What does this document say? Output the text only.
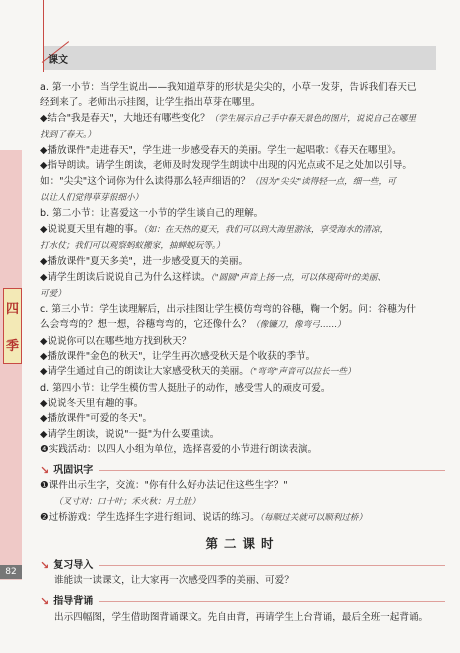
课文
四
季
82

a. 第一小节：当学生说出——我知道草芽的形状是尖尖的，小草一发芽，告诉我们春天已

经到来了。老师出示挂图，让学生指出草芽在哪里。

◆结合"我是春天"，大地还有哪些变化？（学生展示自己手中春天景色的图片，说说自己在哪里

找到了春天。）

◆播放课件"走进春天"，学生进一步感受春天的美丽。学生一起唱歌：《春天在哪里》。

◆指导朗读。请学生朗读，老师及时发现学生朗读中出现的闪光点或不足之处加以引导。

如："尖尖"这个词你为什么读得那么轻声细语的？（因为"尖尖"读得轻一点，细一些，可

以让人们觉得草芽很细小）

b. 第二小节：让喜爱这一小节的学生谈自己的理解。

◆说说夏天里有趣的事。（如：在天热的夏天，我们可以到大海里游泳，享受海水的清凉，

打水仗；我们可以观察蚂蚁搬家，抽蝉蜕玩等。）

◆播放课件"夏天多美"，进一步感受夏天的美丽。

◆请学生朗读后说说自己为什么这样读。（"圆圆"声音上扬一点，可以体现荷叶的美丽、

可爱）

c. 第三小节：学生读理解后，出示挂图让学生模仿弯弯的谷穗，鞠一个躬。问：谷穗为什

么会弯弯的？想一想，谷穗弯弯的，它还像什么？（像镰刀，像弯弓……）

◆说说你可以在哪些地方找到秋天？

◆播放课件"金色的秋天"，让学生再次感受秋天是个收获的季节。

◆请学生通过自己的朗读让大家感受秋天的美丽。（"弯弯"声音可以拉长一些）

d. 第四小节：让学生模仿雪人挺肚子的动作，感受雪人的顽皮可爱。

◆说说冬天里有趣的事。

◆播放课件"可爱的冬天"。

◆请学生朗读，说说"一挺"为什么要重读。

❹实践活动：以四人小组为单位，选择喜爱的小节进行朗读表演。

↘ 巩固识字

❶课件出示生字，交流："你有什么好办法记住这些生字？"

（叉寸对：口十叶；禾火秋：月土肚）

❷过桥游戏：学生选择生字进行组词、说话的练习。（每顺过关就可以顺利过桥）

第二课时
↘ 复习导入

谁能读一读课文，让大家再一次感受四季的美丽、可爱？

↘ 指导背诵

出示四幅图，学生借助图背诵课文。先自由背，再请学生上台背诵，最后全班一起背诵。
